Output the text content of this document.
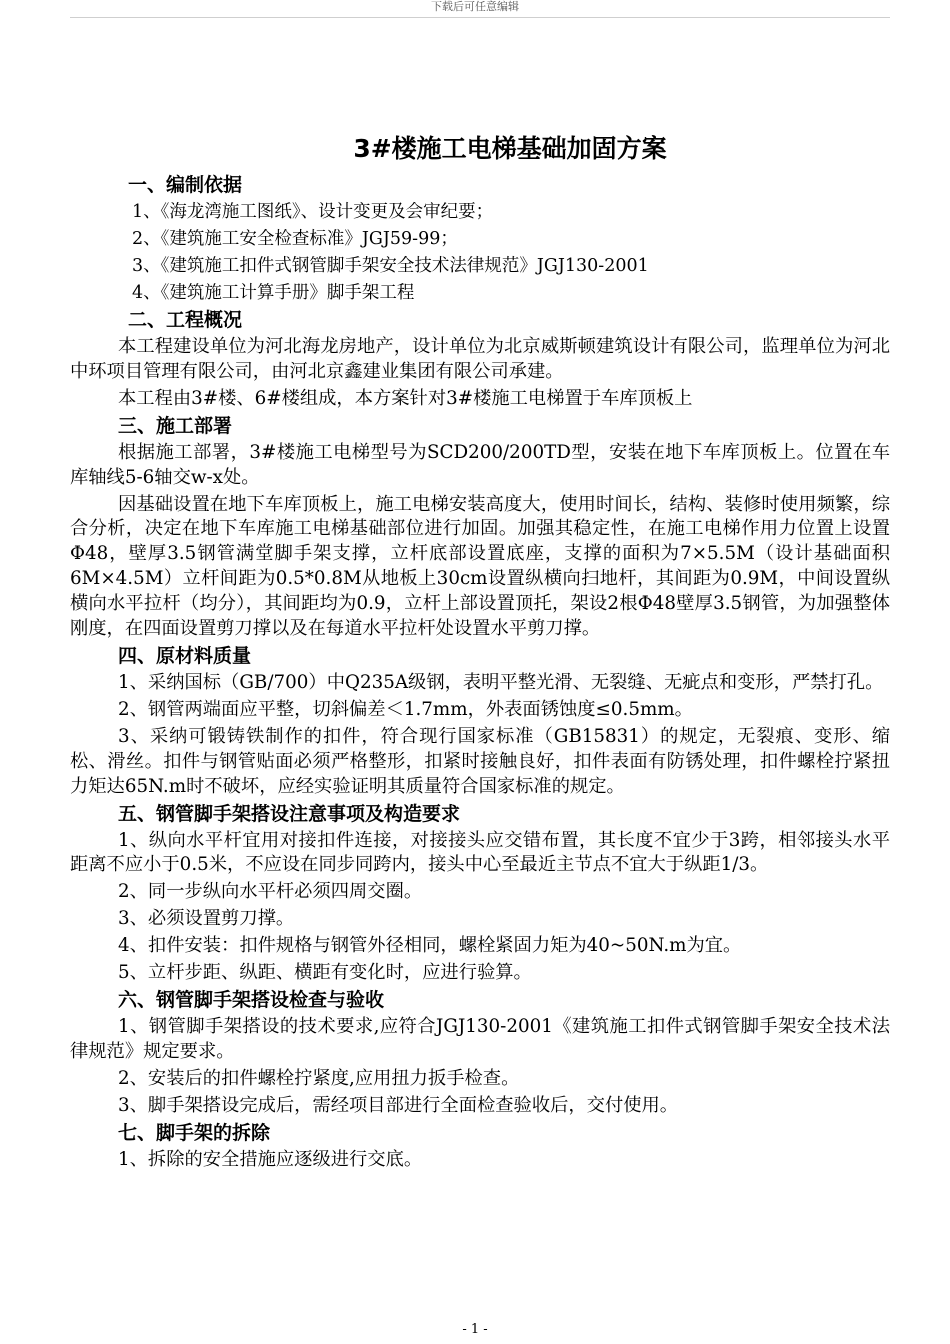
下载后可任意编辑
3#楼施工电梯基础加固方案
一、编制依据
1、《海龙湾施工图纸》、设计变更及会审纪要；
2、《建筑施工安全检查标准》JGJ59-99；
3、《建筑施工扣件式钢管脚手架安全技术法律规范》JGJ130-2001
4、《建筑施工计算手册》脚手架工程
二、工程概况

本工程建设单位为河北海龙房地产，设计单位为北京威斯顿建筑设计有限公司，监理单位为河北中环项目管理有限公司，由河北京鑫建业集团有限公司承建。

本工程由3#楼、6#楼组成，本方案针对3#楼施工电梯置于车库顶板上

三、施工部署

根据施工部署，3#楼施工电梯型号为SCD200/200TD型，安装在地下车库顶板上。位置在车库轴线5-6轴交w-x处。

因基础设置在地下车库顶板上，施工电梯安装高度大，使用时间长，结构、装修时使用频繁，综合分析，决定在地下车库施工电梯基础部位进行加固。加强其稳定性，在施工电梯作用力位置上设置Φ48，壁厚3.5钢管满堂脚手架支撑，立杆底部设置底座，支撑的面积为7×5.5M（设计基础面积6M×4.5M）立杆间距为0.5*0.8M从地板上30cm设置纵横向扫地杆，其间距为0.9M，中间设置纵横向水平拉杆（均分），其间距均为0.9，立杆上部设置顶托，架设2根Φ48壁厚3.5钢管，为加强整体刚度，在四面设置剪刀撑以及在每道水平拉杆处设置水平剪刀撑。

四、原材料质量

1、采纳国标（GB/700）中Q235A级钢，表明平整光滑、无裂缝、无疵点和变形，严禁打孔。

2、钢管两端面应平整，切斜偏差＜1.7mm，外表面锈蚀度≤0.5mm。

3、采纳可锻铸铁制作的扣件，符合现行国家标准（GB15831）的规定，无裂痕、变形、缩松、滑丝。扣件与钢管贴面必须严格整形，扣紧时接触良好，扣件表面有防锈处理，扣件螺栓拧紧扭力矩达65N.m时不破坏，应经实验证明其质量符合国家标准的规定。

五、钢管脚手架搭设注意事项及构造要求

1、纵向水平杆宜用对接扣件连接，对接接头应交错布置，其长度不宜少于3跨，相邻接头水平距离不应小于0.5米，不应设在同步同跨内，接头中心至最近主节点不宜大于纵距1/3。

2、同一步纵向水平杆必须四周交圈。

3、必须设置剪刀撑。

4、扣件安装：扣件规格与钢管外径相同，螺栓紧固力矩为40~50N.m为宜。

5、立杆步距、纵距、横距有变化时，应进行验算。

六、钢管脚手架搭设检查与验收

1、钢管脚手架搭设的技术要求,应符合JGJ130-2001《建筑施工扣件式钢管脚手架安全技术法律规范》规定要求。

2、安装后的扣件螺栓拧紧度,应用扭力扳手检查。

3、脚手架搭设完成后，需经项目部进行全面检查验收后，交付使用。

七、脚手架的拆除

1、拆除的安全措施应逐级进行交底。

- 1 -
